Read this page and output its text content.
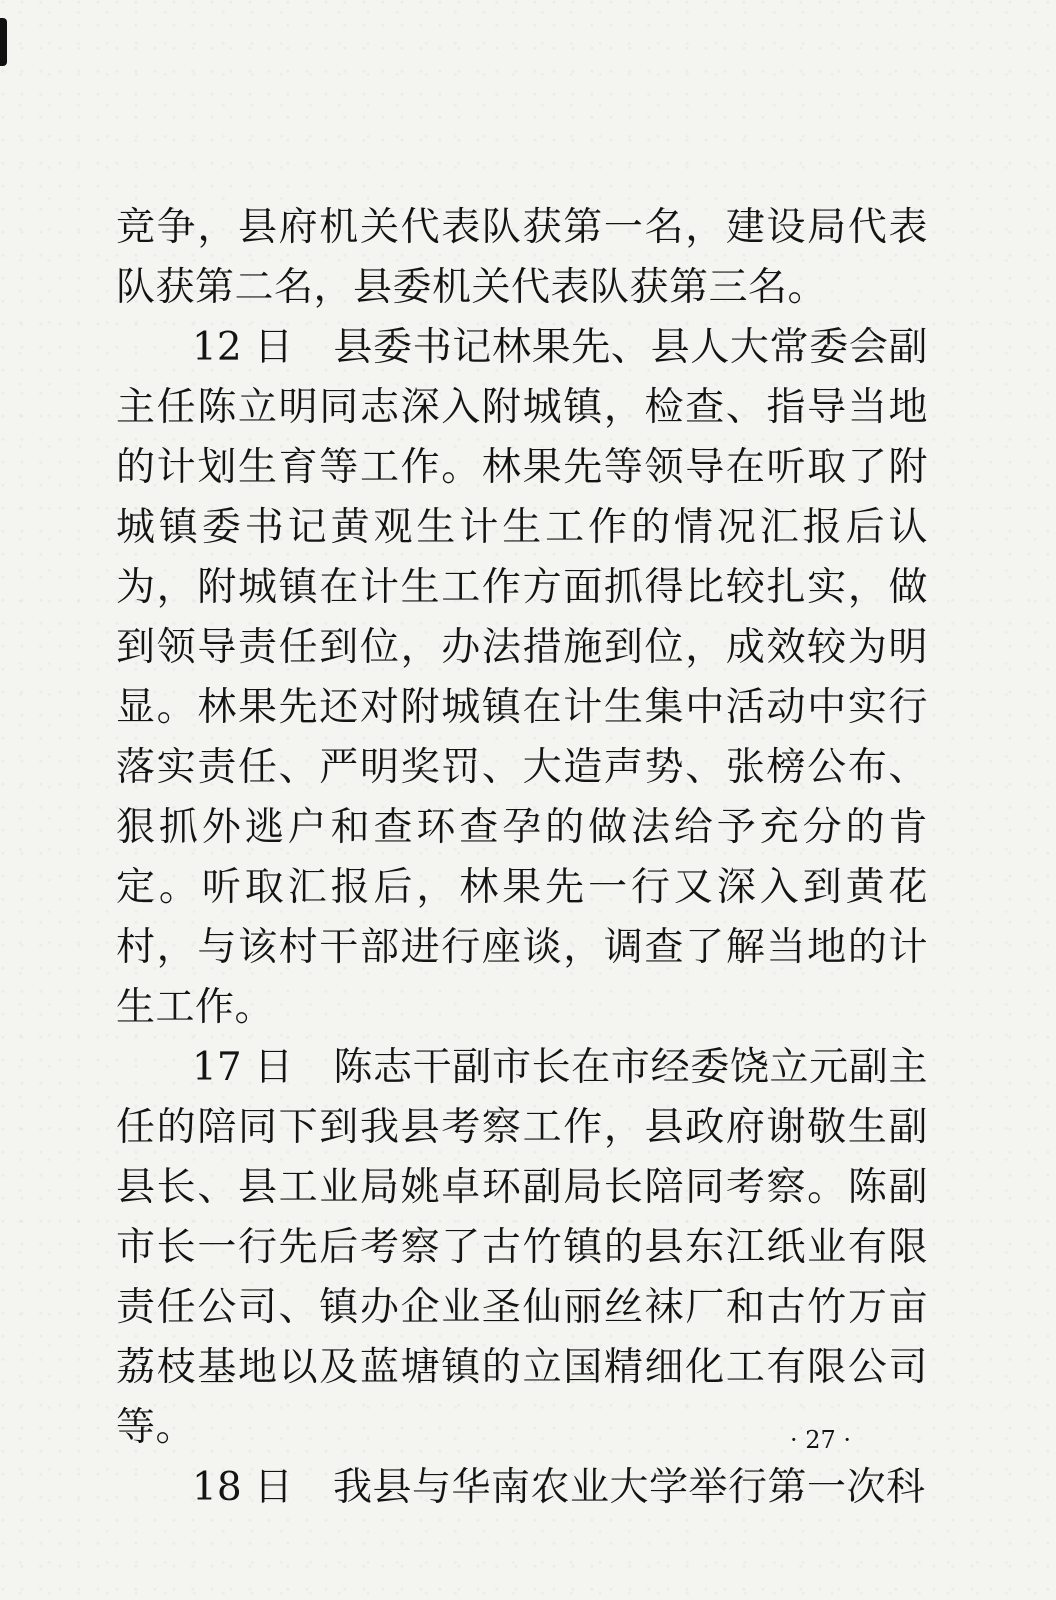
竞争，县府机关代表队获第一名，建设局代表队获第二名，县委机关代表队获第三名。

12 日 县委书记林果先、县人大常委会副主任陈立明同志深入附城镇，检查、指导当地的计划生育等工作。林果先等领导在听取了附城镇委书记黄观生计生工作的情况汇报后认为，附城镇在计生工作方面抓得比较扎实，做到领导责任到位，办法措施到位，成效较为明显。林果先还对附城镇在计生集中活动中实行落实责任、严明奖罚、大造声势、张榜公布、狠抓外逃户和查环查孕的做法给予充分的肯定。听取汇报后，林果先一行又深入到黄花村，与该村干部进行座谈，调查了解当地的计生工作。

17 日 陈志干副市长在市经委饶立元副主任的陪同下到我县考察工作，县政府谢敬生副县长、县工业局姚卓环副局长陪同考察。陈副市长一行先后考察了古竹镇的县东江纸业有限责任公司、镇办企业圣仙丽丝袜厂和古竹万亩荔枝基地以及蓝塘镇的立国精细化工有限公司等。

18 日 我县与华南农业大学举行第一次科

· 27 ·
